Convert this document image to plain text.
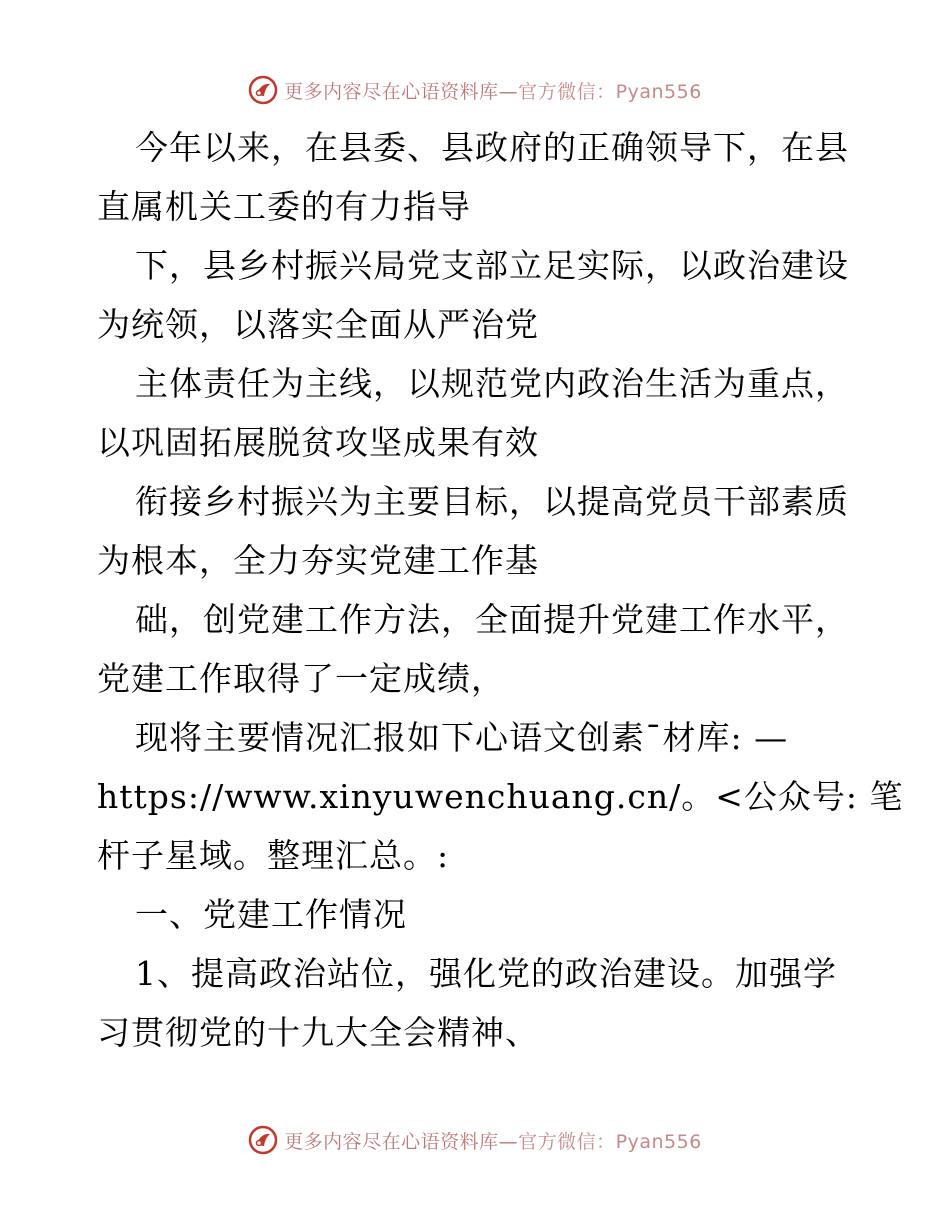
更多内容尽在心语资料库—官方微信：Pyan556
今年以来，在县委、县政府的正确领导下，在县
直属机关工委的有力指导
下，县乡村振兴局党支部立足实际，以政治建设
为统领，以落实全面从严治党
主体责任为主线，以规范党内政治生活为重点，
以巩固拓展脱贫攻坚成果有效
衔接乡村振兴为主要目标，以提高党员干部素质
为根本，全力夯实党建工作基
础，创党建工作方法，全面提升党建工作水平，
党建工作取得了一定成绩，
现将主要情况汇报如下心语文创素¯材库: —
https://www.xinyuwenchuang.cn/。<公众号: 笔
杆子星域。整理汇总。:
一、党建工作情况
1、提高政治站位，强化党的政治建设。加强学
习贯彻党的十九大全会精神、
更多内容尽在心语资料库—官方微信：Pyan556
